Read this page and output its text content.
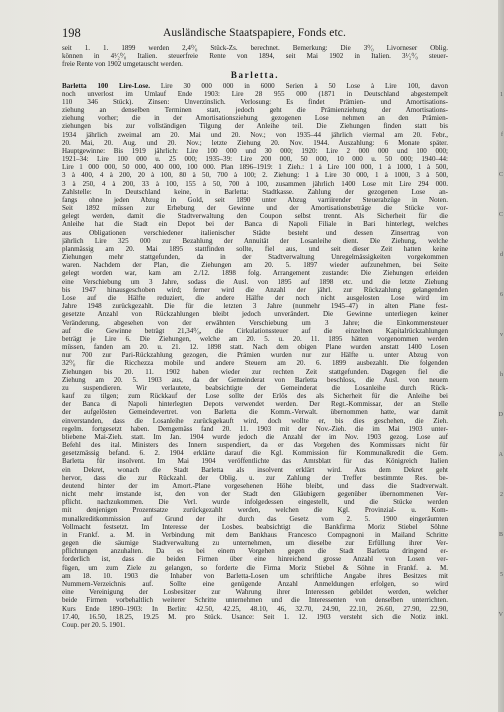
198	Ausländische Staatspapiere, Fonds etc.
seit 1. 1. 1899 werden 2,4⁰⁄₀ Stück-Zs. berechnet. Bemerkung: Die 3⁰⁄₀ Livorneser Oblig.
können in 4¹⁄₂⁰⁄₀ Italien. steuerfreie Rente von 1894, seit Mai 1902 in Italien. 3¹⁄₂⁰⁄₀ steuer-
freie Rente von 1902 umgetauscht werden.
Barletta.
Barletta 100 Lire-Lose. Lire 30 000 000 in 6000 Serien à 50 Lose à Lire 100, davon
noch unverlost im Umlauf Ende 1903: Lire 28 955 000 (1871 in Deutschland abgestempelt
110 346 Stück). Zinsen: Unverzinslich. Verlosung: Es findet Prämien- und Amortisations-
ziehung an denselben Terminen statt, jedoch geht die Prämienziehung der Amortisations-
ziehung vorher; die in der Amortisationsziehung gezogenen Lose nehmen an den Prämien-
ziehungen bis zur vollständigen Tilgung der Anleihe teil. Die Ziehungen finden statt bis
1934 jährlich zweimal am 20. Mai und 20. Nov.; von 1935–44 jährlich viermal am 20. Febr.,
20. Mai, 20. Aug. und 20. Nov.; letzte Ziehung 20. Nov. 1944. Auszahlung: 6 Monate später.
Hauptgewinne: Bis 1919 jährlich: Lire 100 000 und 30 000; 1920: Lire 2 000 000 und 100 000;
1921–34: Lire 100 000 u. 25 000; 1935–39: Lire 200 000, 50 000, 10 000 u. 50 000; 1940–44:
Lire 1 000 000, 50 000, 400 000, 100 000. Plan 1896–1919: 1 Zieh.: 1 à Lire 100 000, 1 à 1000, 1 à 500,
3 à 400, 4 à 200, 20 à 100, 80 à 50, 700 à 100; 2. Ziehung: 1 à Lire 30 000, 1 à 1000, 3 à 500,
3 à 250, 4 à 200, 33 à 100, 155 à 50, 700 à 100, zusammen jährlich 1400 Lose mit Lire 294 000.
Zahlstelle: In Deutschland keine, in Barletta: Stadtkasse. Zahlung der gezogenen Lose an-
fangs ohne jeden Abzug in Gold, seit 1890 unter Abzug varriirender Steuerabzüge in Noten.
Seit 1892 müssen zur Erhebung der Gewinne und der Amortisationsbeträge die Stücke vor-
gelegt werden, damit die Stadtverwaltung den Coupon selbst trennt. Als Sicherheit für die
Anleihe hat die Stadt ein Depot bei der Banca di Napoli Filiale in Bari hinterlegt, welches
aus Obligationen verschiedener italienischer Städte besteht und dessen Zinsertrag von
jährlich Lire 325 000 zur Bezahlung der Annuität der Losanleihe dient. Die Ziehung, welche
planmässig am 20. Mai 1895 stattfinden sollte, fiel aus, und seit dieser Zeit hatten keine
Ziehungen mehr stattgefunden, da in der Stadtverwaltung Unregelmässigkeiten vorgekommen
waren. Nachdem der Plan, die Ziehungen am 20. 5. 1897 wieder aufzunehmen, bei Seite
gelegt worden war, kam am 2./12. 1898 folg. Arrangement zustande: Die Ziehungen erleiden
eine Verschiebung um 3 Jahre, sodass die Ausl. von 1895 auf 1898 etc. und die letzte Ziehung
bis 1947 hinausgeschoben wird; ferner wird die Anzahl der jährl. zur Rückzahlung gelangenden
Lose auf die Hälfte reduziert, die andere Hälfte der noch nicht ausgelosten Lose wird im
Jahre 1948 zurückgezahlt. Die für die letzten 3 Jahre (nunmehr 1945–47) in alten Plane fest-
gesetzte Anzahl von Rückzahlungen bleibt jedoch unverändert. Die Gewinne unterliegen keiner
Veränderung, abgesehen von der erwähnten Verschiebung um 3 Jahre; die Einkommensteuer
auf die Gewinne beträgt 21,34⁰⁄₀, die Cirkulationssteuer auf die einzelnen Kapitalrückzahlungen
beträgt je Lire 6. Die Ziehungen, welche am 20. 5. u. 20. 11. 1895 hätten vorgenommen werden
müssen, fanden am 20. u. 21. 12. 1898 statt. Nach dem obigen Plane wurden anstatt 1400 Losen
nur 700 zur Pari-Rückzahlung gezogen, die Prämien wurden nur zur Hälfte u. unter Abzug von
32⁰⁄₀ für die Ricchezza mobile und andere Steuern am 20. 6. 1899 ausbezahlt. Die folgenden
Ziehungen bis 20. 11. 1902 haben wieder zur rechten Zeit stattgefunden. Dagegen fiel die
Ziehung am 20. 5. 1903 aus, da der Gemeinderat von Barletta beschloss, die Ausl. von neuem
zu suspendieren. Wir verlautete, beabsichtigte der Gemeinderat die Losanleihe durch Rück-
kauf zu tilgen; zum Rückkauf der Lose sollte der Erlös des als Sicherheit für die Anleihe bei
der Banca di Napoli hinterlegten Depots verwendet werden. Der Regt.-Kommissar, der an Stelle
der aufgelösten Gemeindevertret. von Barletta die Komm.-Verwalt. übernommen hatte, war damit
einverstanden, dass die Losanleihe zurückgekauft wird, doch wollte er, bis dies geschehen, die Zieh.
regelm. fortgesetzt haben. Demgemäss fand 20. 11. 1903 mit der Nov.-Zieh. die im Mai 1903 unter-
bliebene Mai-Zieh. statt. Im Jan. 1904 wurde jedoch die Anzahl der im Nov. 1903 gezog. Lose auf
Befehl des ital. Ministers des Innern suspendiert, da er das Vorgehen des Kommissars nicht für
gesetzmässig befand. 6. 2. 1904 erklärte darauf die Kgl. Kommission für Kommunalkredit die Gem.
Barletta für insolvent. Im Mai 1904 veröffentlichte das Amtsblatt für das Königreich Italien
ein Dekret, wonach die Stadt Barletta als insolvent erklärt wird. Aus dem Dekret geht
hervor, dass die zur Rückzahl. der Oblig. u. zur Zahlung der Treffer bestimmte Res. be-
deutend hinter der im Amort.-Plane vorgesehenen Höhe bleibt, und dass die Stadtverwalt.
nicht mehr imstande ist, den von der Stadt den Gläubigern gegenüber übernommenen Ver-
pflicht. nachzukommen. Die Verl. wurde infolgedessen eingestellt, und die Stücke werden
mit denjenigen Prozentsatze zurückgezahlt werden, welchen die Kgl. Provinzial- u. Kom-
munalkreditkommission auf Grund der ihr durch das Gesetz vom 2. 5. 1900 eingeräumten
Vollmacht festsetzt. Im Interesse der Losbes. beabsichtigt die Bankfirma Moriz Stiebel Söhne
in Frankf. a. M. in Verbindung mit dem Bankhaus Francesco Compagnoni in Mailand Schritte
gegen die säumige Stadtverwaltung zu unternehmen, um dieselbe zur Erfüllung ihrer Ver-
pflichtungen anzuhalten. Da es bei einem Vorgehen gegen die Stadt Barletta dringend er-
forderlich ist, dass die beiden Firmen über eine hinreichend grosse Anzahl von Losen ver-
fügen, um zum Ziele zu gelangen, so forderte die Firma Moriz Stiebel & Söhne in Frankf. a. M.
am 18. 10. 1903 die Inhaber von Barletta-Losen um schriftliche Angabe ihres Besitzes mit
Nummern-Verzeichnis auf. Sollte eine genügende Anzahl Anmeldungen erfolgen, so wird
eine Vereinigung der Losbesitzer zur Wahrung ihrer Interessen gebildet werden, welcher
beide Firmen vorbehaltlich weiterer Schritte unternehmen und die Interessenten von denselben unterrichten.
Kurs Ende 1890–1903: In Berlin: 42.50, 42.25, 48.10, 46, 32.70, 24.90, 22.10, 26.60, 27.90, 22.90,
17.40, 16.50, 18.25, 19.25 M. pro Stück. Usance: Seit 1. 12. 1903 versteht sich die Notiz inkl.
Coup. per 20. 5. 1901.
1
f
C
C
d
6
v
h
D
A
2
B
5
V
